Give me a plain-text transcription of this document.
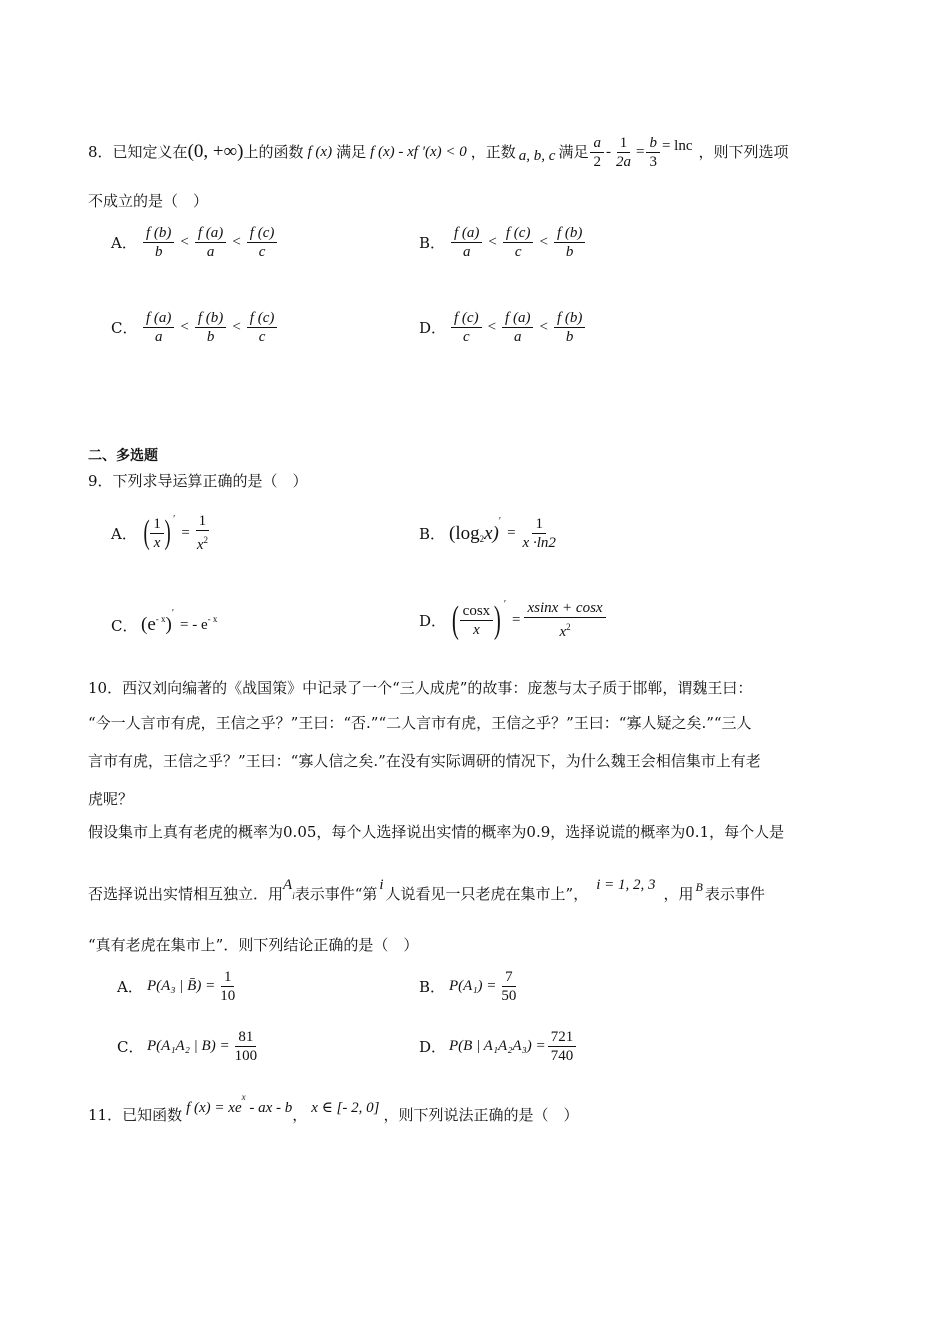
8． 已知定义在 (0, +∞) 上的函数 f (x) 满足 f (x) - xf ′(x) < 0 ，正数 a, b, c 满足 $\frac{a}{2} - \frac{1}{2a} = \frac{b}{3} = \ln c$ ，则下列选项
不成立的是（　）
A． $\frac{f (b)}{b} < \frac{f (a)}{a} < \frac{f (c)}{c}$	B． $\frac{f (a)}{a} < \frac{f (c)}{c} < \frac{f (b)}{b}$
C． $\frac{f (a)}{a} < \frac{f (b)}{b} < \frac{f (c)}{c}$	D． $\frac{f (c)}{c} < \frac{f (a)}{a} < \frac{f (b)}{b}$
二、多选题
9．下列求导运算正确的是（　）
A． ( $\frac{1}{x}$ ) ′
= $\frac{1}{x^2}$	B． ($\log_2$ x)
′
= $\frac{1}{x \cdot\ln 2}$
C． ($e^{- x}$ )
′
= - $e^{- x}$	D． ( $\frac{\cos x}{x}$ ) ′
= $\frac{xsinx + \cos x}{x^2}$
10．西汉刘向编著的《战国策》中记录了一个“三人成虎”的故事：庞葱与太子质于邯郸，谓魏王曰：
“今一人言市有虎，王信之乎？”王曰：“否.”“二人言市有虎，王信之乎？”王曰：“寡人疑之矣.”“三人
言市有虎，王信之乎？”王曰：“寡人信之矣.”在没有实际调研的情况下，为什么魏王会相信集市上有老
虎呢？
假设集市上真有老虎的概率为0.05，每个人选择说出实情的概率为0.9，选择说谎的概率为0.1，每个人是
否选择说出实情相互独立．用$A_i$表示事件“第 i 人说看见一只老虎在集市上”， i = 1, 2, 3 ，用 $^B$ 表示事件
“真有老虎在集市上”．则下列结论正确的是（　）
A． P(A₃ | B̄) = $\frac{1}{10}$	B． $P(A_1) = \frac{7}{50}$
C． P(A₁A₂ | $B) = \frac{81}{100}$	D． P(B | $A_1A_2A_3) = \frac{721}{740}$
11．已知函数 f $(x) = xe^x$ - ax - b， x ∈ [- 2, 0] ，则下列说法正确的是（　）
